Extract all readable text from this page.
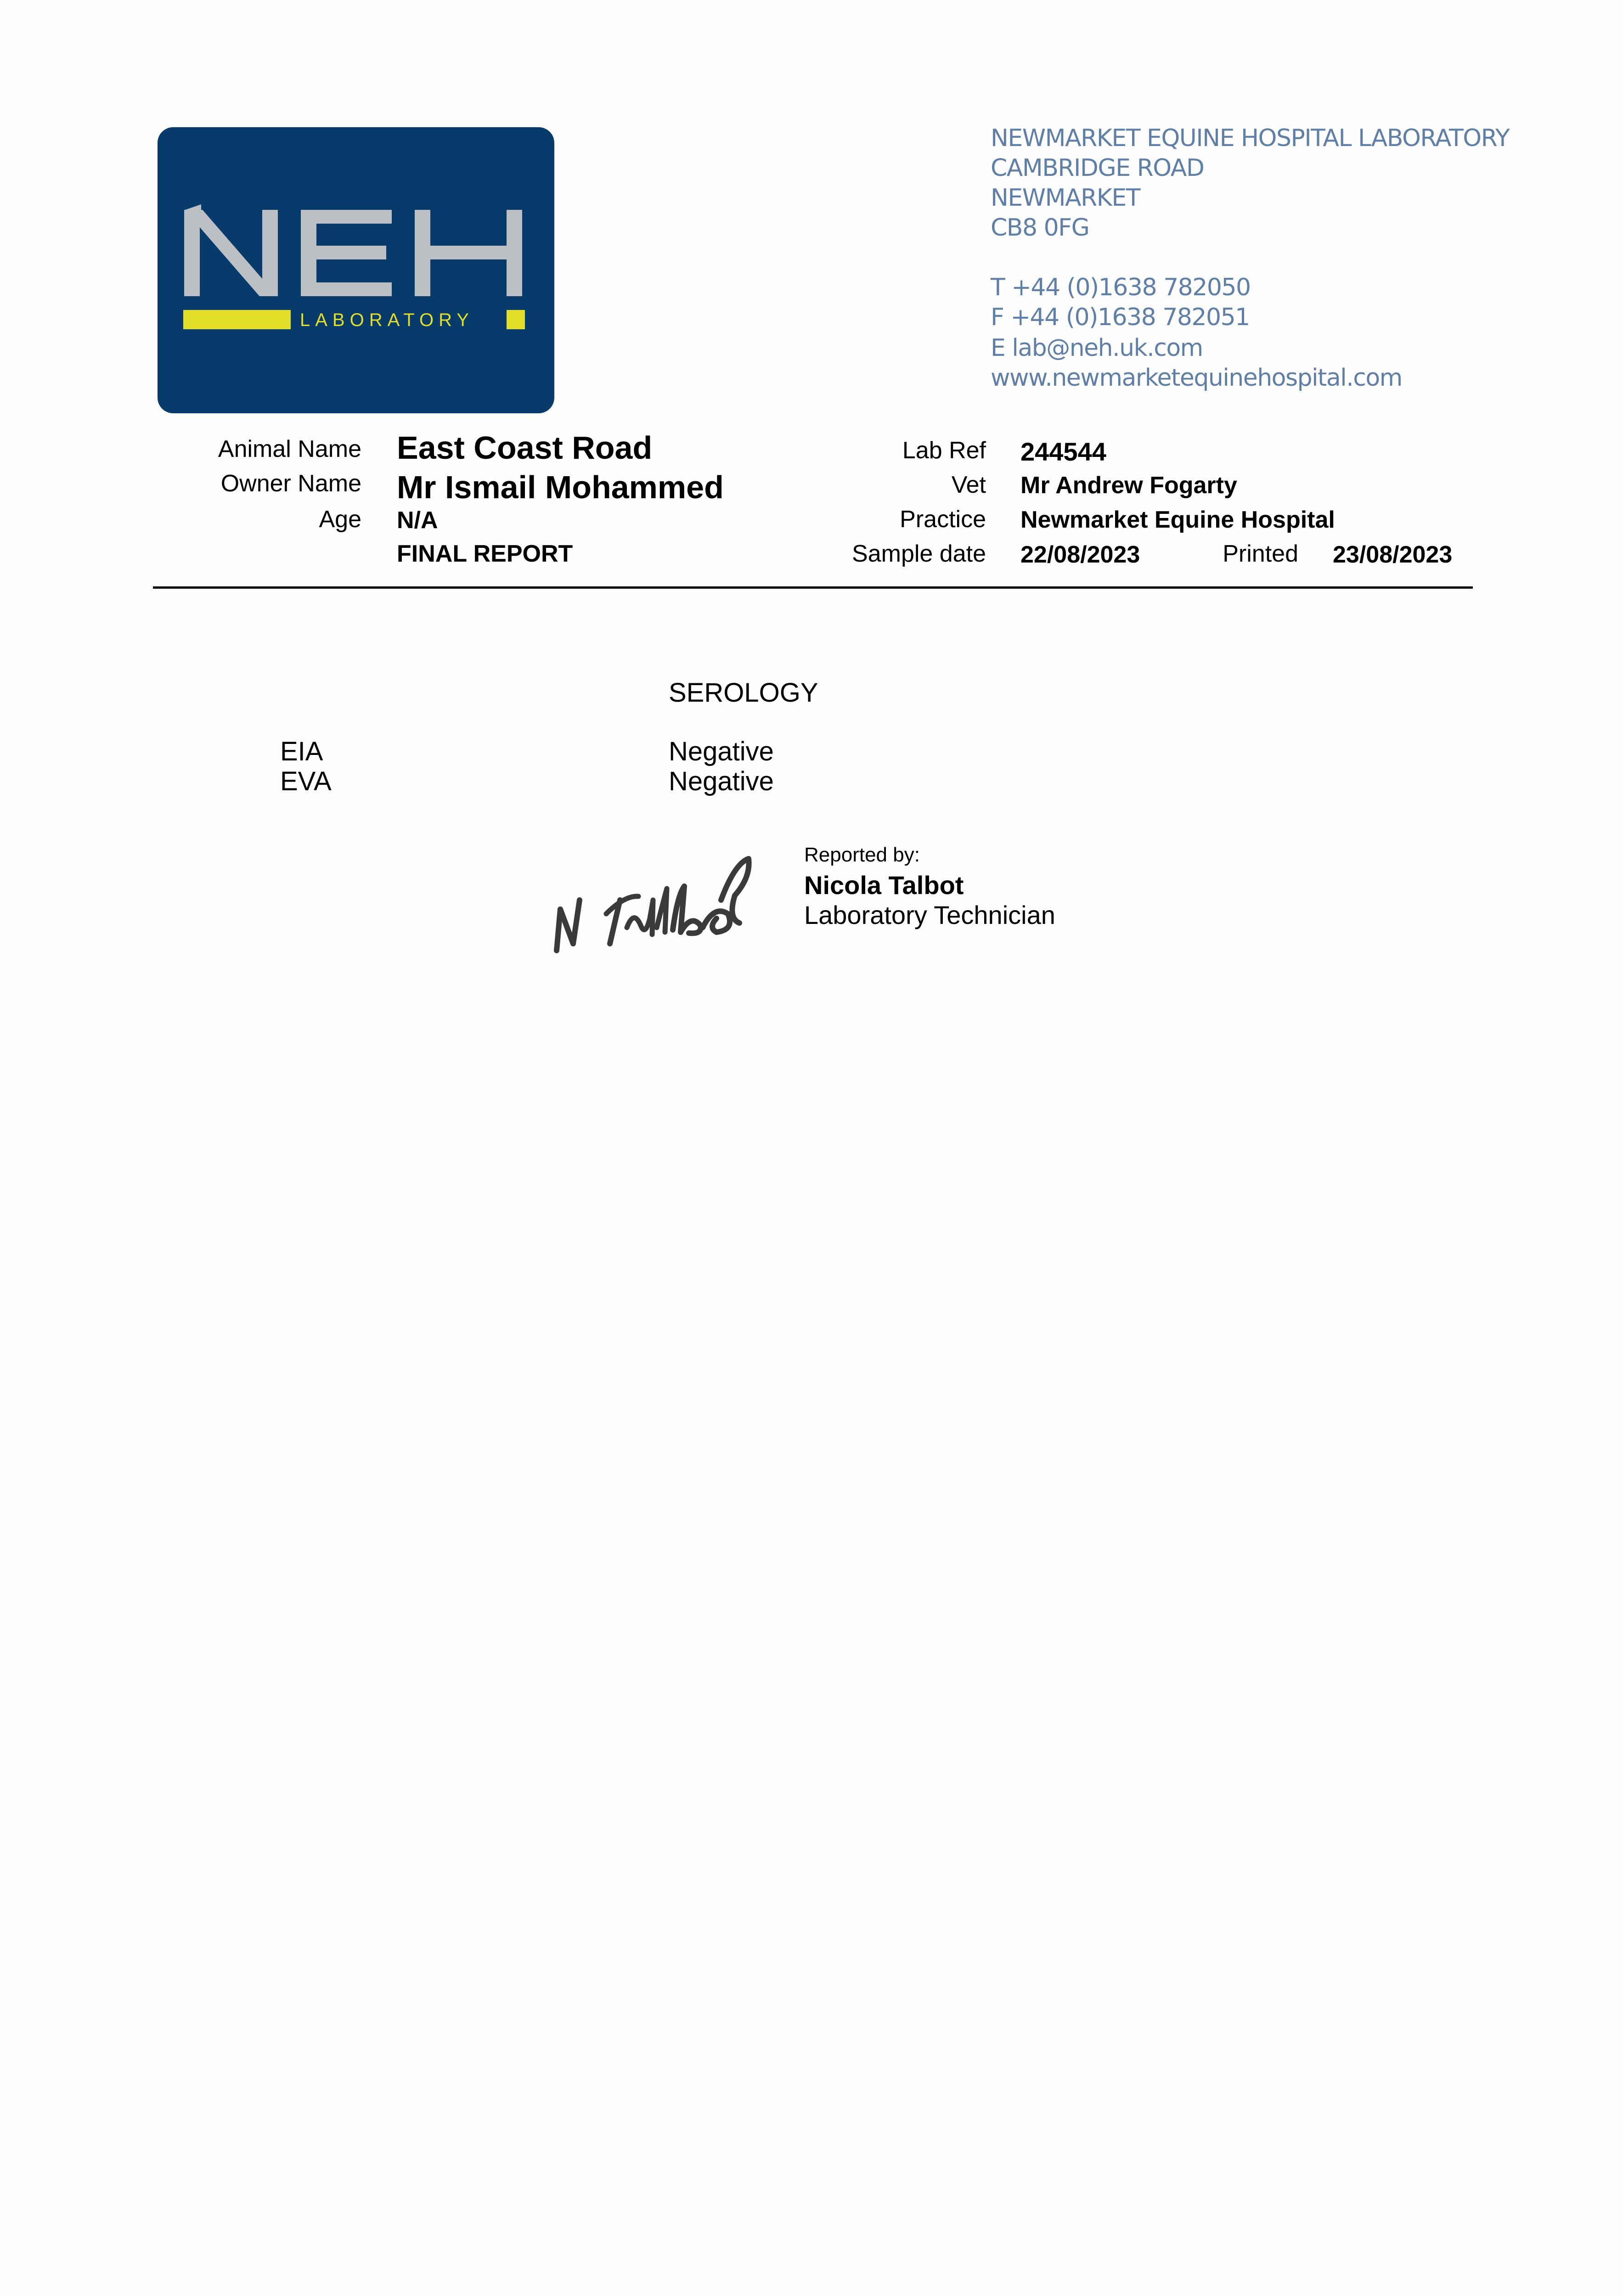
LABORATORY
NEWMARKET EQUINE HOSPITAL LABORATORY
CAMBRIDGE ROAD
NEWMARKET
CB8 0FG
T +44 (0)1638 782050
F +44 (0)1638 782051
E lab@neh.uk.com
www.newmarketequinehospital.com
Animal Name East Coast Road
Owner Name Mr Ismail Mohammed
Age N/A
FINAL REPORT
Lab Ref 244544
Vet Mr Andrew Fogarty
Practice Newmarket Equine Hospital
Sample date 22/08/2023	Printed 23/08/2023
SEROLOGY
EIA	Negative
EVA	Negative
Reported by:
Nicola Talbot
Laboratory Technician
